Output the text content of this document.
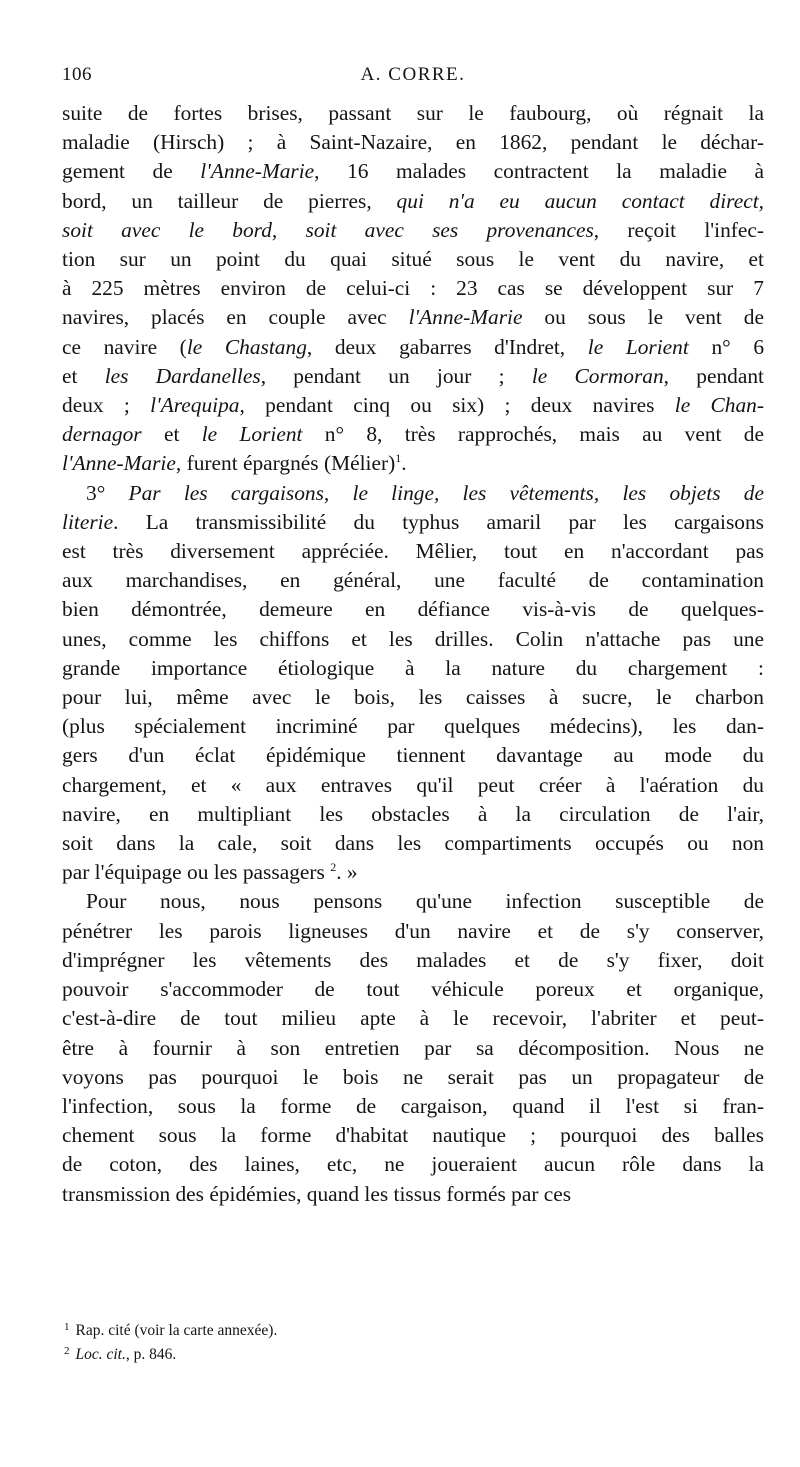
106	A. CORRE.
suite de fortes brises, passant sur le faubourg, où régnait la
maladie (Hirsch) ; à Saint-Nazaire, en 1862, pendant le déchar-
gement de l'Anne-Marie, 16 malades contractent la maladie à
bord, un tailleur de pierres, qui n'a eu aucun contact direct,
soit avec le bord, soit avec ses provenances, reçoit l'infec-
tion sur un point du quai situé sous le vent du navire, et
à 225 mètres environ de celui-ci : 23 cas se développent sur 7
navires, placés en couple avec l'Anne-Marie ou sous le vent de
ce navire (le Chastang, deux gabarres d'Indret, le Lorient n° 6
et les Dardanelles, pendant un jour ; le Cormoran, pendant
deux ; l'Arequipa, pendant cinq ou six) ; deux navires le Chan-
dernagor et le Lorient n° 8, très rapprochés, mais au vent de
l'Anne-Marie, furent épargnés (Mélier)$^1$.
3° Par les cargaisons, le linge, les vêtements, les objets de
literie. La transmissibilité du typhus amaril par les cargaisons
est très diversement appréciée. Mêlier, tout en n'accordant pas
aux marchandises, en général, une faculté de contamination
bien démontrée, demeure en défiance vis-à-vis de quelques-
unes, comme les chiffons et les drilles. Colin n'attache pas une
grande importance étiologique à la nature du chargement :
pour lui, même avec le bois, les caisses à sucre, le charbon
(plus spécialement incriminé par quelques médecins), les dan-
gers d'un éclat épidémique tiennent davantage au mode du
chargement, et « aux entraves qu'il peut créer à l'aération du
navire, en multipliant les obstacles à la circulation de l'air,
soit dans la cale, soit dans les compartiments occupés ou non
par l'équipage ou les passagers $^2$. »
Pour nous, nous pensons qu'une infection susceptible de
pénétrer les parois ligneuses d'un navire et de s'y conserver,
d'imprégner les vêtements des malades et de s'y fixer, doit
pouvoir s'accommoder de tout véhicule poreux et organique,
c'est-à-dire de tout milieu apte à le recevoir, l'abriter et peut-
être à fournir à son entretien par sa décomposition. Nous ne
voyons pas pourquoi le bois ne serait pas un propagateur de
l'infection, sous la forme de cargaison, quand il l'est si fran-
chement sous la forme d'habitat nautique ; pourquoi des balles
de coton, des laines, etc, ne joueraient aucun rôle dans la
transmission des épidémies, quand les tissus formés par ces
$^1$ Rap. cité (voir la carte annexée).
$^2$ Loc. cit., p. 846.
